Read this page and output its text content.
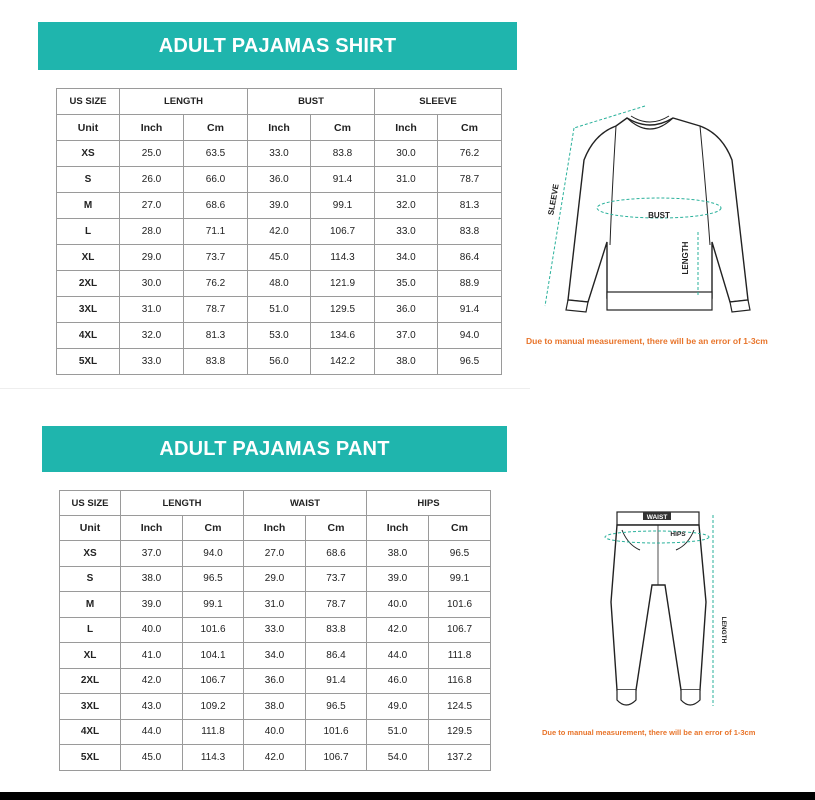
ADULT PAJAMAS SHIRT
US SIZE	LENGTH		BUST		SLEEVE	
Unit	Inch	Cm	Inch	Cm	Inch	Cm
XS	25.0	63.5	33.0	83.8	30.0	76.2
S	26.0	66.0	36.0	91.4	31.0	78.7
M	27.0	68.6	39.0	99.1	32.0	81.3
L	28.0	71.1	42.0	106.7	33.0	83.8
XL	29.0	73.7	45.0	114.3	34.0	86.4
2XL	30.0	76.2	48.0	121.9	35.0	88.9
3XL	31.0	78.7	51.0	129.5	36.0	91.4
4XL	32.0	81.3	53.0	134.6	37.0	94.0
5XL	33.0	83.8	56.0	142.2	38.0	96.5
SLEEVE	BUST
LENGTH
Due to manual measurement, there will be an error of 1-3cm
ADULT PAJAMAS PANT
US SIZE	LENGTH		WAIST		HIPS	
Unit	Inch	Cm	Inch	Cm	Inch	Cm
XS	37.0	94.0	27.0	68.6	38.0	96.5
S	38.0	96.5	29.0	73.7	39.0	99.1
M	39.0	99.1	31.0	78.7	40.0	101.6
L	40.0	101.6	33.0	83.8	42.0	106.7
XL	41.0	104.1	34.0	86.4	44.0	111.8
2XL	42.0	106.7	36.0	91.4	46.0	116.8
3XL	43.0	109.2	38.0	96.5	49.0	124.5
4XL	44.0	111.8	40.0	101.6	51.0	129.5
5XL	45.0	114.3	42.0	106.7	54.0	137.2
WAIST
HIPS
LENGTH
Due to manual measurement, there will be an error of 1-3cm
